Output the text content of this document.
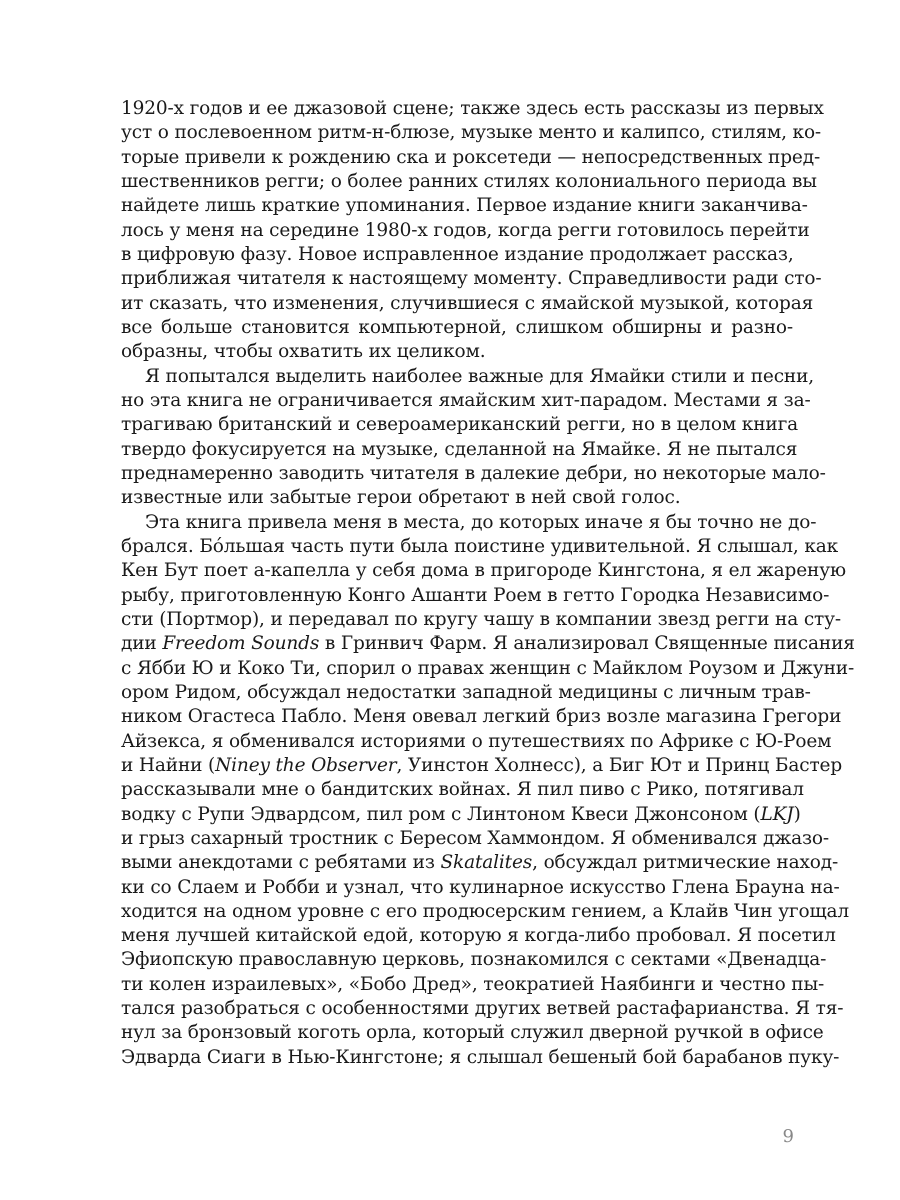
1920-х годов и ее джазовой сцене; также здесь есть рассказы из первых
уст о послевоенном ритм-н-блюзе, музыке менто и калипсо, стилям, ко-
торые привели к рождению ска и роксетеди — непосредственных пред-
шественников регги; о более ранних стилях колониального периода вы
найдете лишь краткие упоминания. Первое издание книги заканчива-
лось у меня на середине 1980-х годов, когда регги готовилось перейти
в цифровую фазу. Новое исправленное издание продолжает рассказ,
приближая читателя к настоящему моменту. Справедливости ради сто-
ит сказать, что изменения, случившиеся с ямайской музыкой, которая
все больше становится компьютерной, слишком обширны и разно-
образны, чтобы охватить их целиком.
Я попытался выделить наиболее важные для Ямайки стили и песни,
но эта книга не ограничивается ямайским хит-парадом. Местами я за-
трагиваю британский и североамериканский регги, но в целом книга
твердо фокусируется на музыке, сделанной на Ямайке. Я не пытался
преднамеренно заводить читателя в далекие дебри, но некоторые мало-
известные или забытые герои обретают в ней свой голос.
Эта книга привела меня в места, до которых иначе я бы точно не до-
брался. Бóльшая часть пути была поистине удивительной. Я слышал, как
Кен Бут поет а-капелла у себя дома в пригороде Кингстона, я ел жареную
рыбу, приготовленную Конго Ашанти Роем в гетто Городка Независимо-
сти (Портмор), и передавал по кругу чашу в компании звезд регги на сту-
дии Freedom Sounds в Гринвич Фарм. Я анализировал Священные писания
с Ябби Ю и Коко Ти, спорил о правах женщин с Майклом Роузом и Джуни-
ором Ридом, обсуждал недостатки западной медицины с личным трав-
ником Огастеса Пабло. Меня овевал легкий бриз возле магазина Грегори
Айзекса, я обменивался историями о путешествиях по Африке с Ю-Роем
и Найни (Niney the Observer, Уинстон Холнесс), а Биг Ют и Принц Бастер
рассказывали мне о бандитских войнах. Я пил пиво с Рико, потягивал
водку с Рупи Эдвардсом, пил ром с Линтоном Квеси Джонсоном (LKJ)
и грыз сахарный тростник с Бересом Хаммондом. Я обменивался джазо-
выми анекдотами с ребятами из Skatalites, обсуждал ритмические наход-
ки со Слаем и Робби и узнал, что кулинарное искусство Глена Брауна на-
ходится на одном уровне с его продюсерским гением, а Клайв Чин угощал
меня лучшей китайской едой, которую я когда-либо пробовал. Я посетил
Эфиопскую православную церковь, познакомился с сектами «Двенадца-
ти колен израилевых», «Бобо Дред», теократией Наябинги и честно пы-
тался разобраться с особенностями других ветвей растафарианства. Я тя-
нул за бронзовый коготь орла, который служил дверной ручкой в офисе
Эдварда Сиаги в Нью-Кингстоне; я слышал бешеный бой барабанов пуку-
9
